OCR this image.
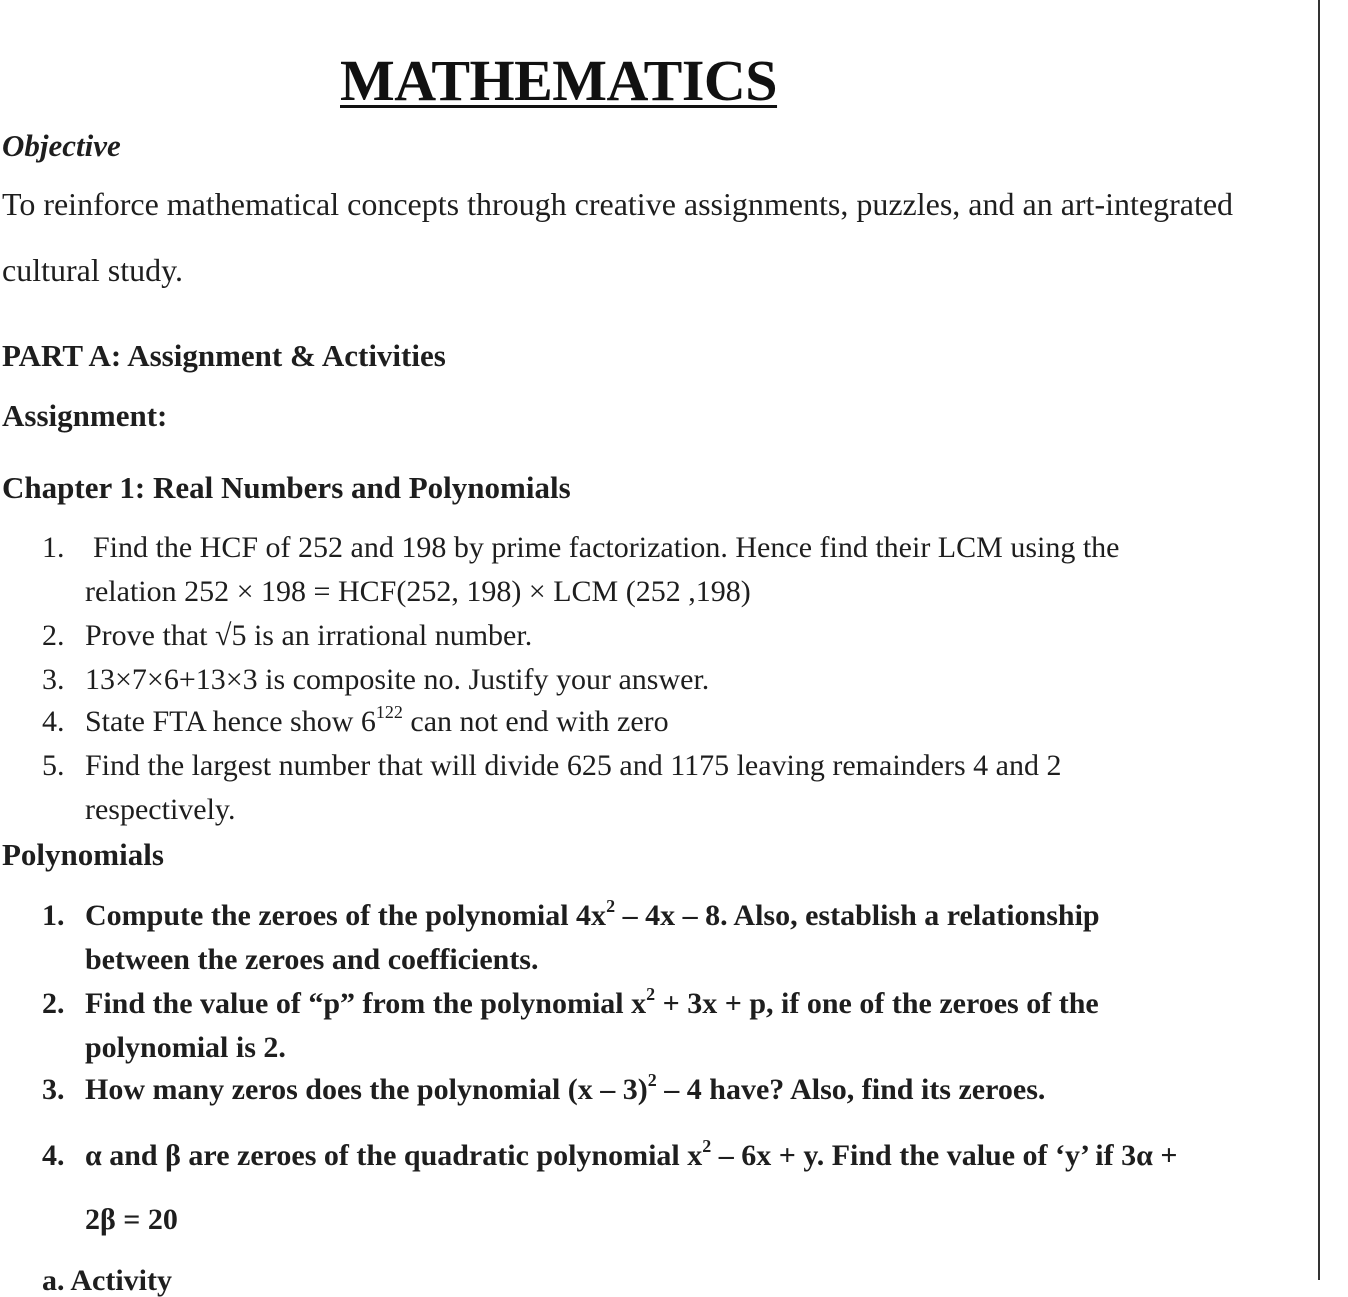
MATHEMATICS
Objective
To reinforce mathematical concepts through creative assignments, puzzles, and an art-integrated
cultural study.
PART A: Assignment & Activities
Assignment:
Chapter 1: Real Numbers and Polynomials
1. Find the HCF of 252 and 198 by prime factorization. Hence find their LCM using the
relation 252 × 198 = HCF(252, 198) × LCM (252 ,198)
2. Prove that √5 is an irrational number.
3. 13×7×6+13×3 is composite no. Justify your answer.
4. State FTA hence show $6^{122}$ can not end with zero
5. Find the largest number that will divide 625 and 1175 leaving remainders 4 and 2
respectively.
Polynomials
1. Compute the zeroes of the polynomial $4x^2 - 4x - 8$. Also, establish a relationship
between the zeroes and coefficients.
2. Find the value of “p” from the polynomial $x^2 + 3x + p$, if one of the zeroes of the
polynomial is 2.
3. How many zeros does the polynomial (x – 3)$^2$ – 4 have? Also, find its zeroes.
4. α and β are zeroes of the quadratic polynomial $x^2 - 6x + y$. Find the value of ‘y’ if 3α +
2β = 20
a. Activity
